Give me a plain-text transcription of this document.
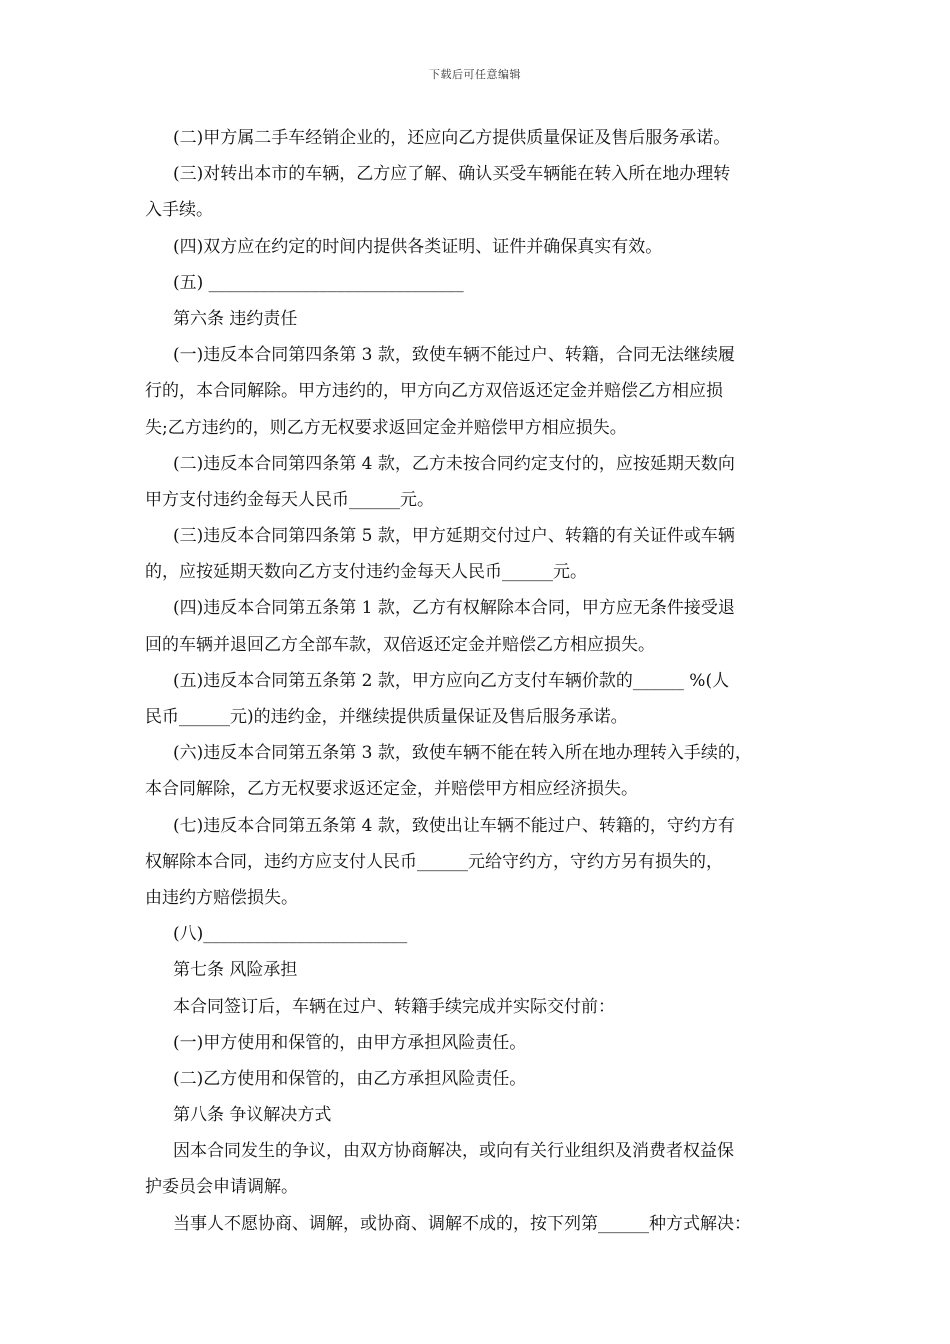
下载后可任意编辑
(二)甲方属二手车经销企业的，还应向乙方提供质量保证及售后服务承诺。
(三)对转出本市的车辆，乙方应了解、确认买受车辆能在转入所在地办理转
入手续。
(四)双方应在约定的时间内提供各类证明、证件并确保真实有效。
(五) ______________________________
第六条 违约责任
(一)违反本合同第四条第 3 款，致使车辆不能过户、转籍，合同无法继续履
行的，本合同解除。甲方违约的，甲方向乙方双倍返还定金并赔偿乙方相应损
失;乙方违约的，则乙方无权要求返回定金并赔偿甲方相应损失。
(二)违反本合同第四条第 4 款，乙方未按合同约定支付的，应按延期天数向
甲方支付违约金每天人民币______元。
(三)违反本合同第四条第 5 款，甲方延期交付过户、转籍的有关证件或车辆
的，应按延期天数向乙方支付违约金每天人民币______元。
(四)违反本合同第五条第 1 款，乙方有权解除本合同，甲方应无条件接受退
回的车辆并退回乙方全部车款，双倍返还定金并赔偿乙方相应损失。
(五)违反本合同第五条第 2 款，甲方应向乙方支付车辆价款的______ %(人
民币______元)的违约金，并继续提供质量保证及售后服务承诺。
(六)违反本合同第五条第 3 款，致使车辆不能在转入所在地办理转入手续的，
本合同解除，乙方无权要求返还定金，并赔偿甲方相应经济损失。
(七)违反本合同第五条第 4 款，致使出让车辆不能过户、转籍的，守约方有
权解除本合同，违约方应支付人民币______元给守约方，守约方另有损失的，
由违约方赔偿损失。
(八)________________________
第七条 风险承担
本合同签订后，车辆在过户、转籍手续完成并实际交付前：
(一)甲方使用和保管的，由甲方承担风险责任。
(二)乙方使用和保管的，由乙方承担风险责任。
第八条 争议解决方式
因本合同发生的争议，由双方协商解决，或向有关行业组织及消费者权益保
护委员会申请调解。
当事人不愿协商、调解，或协商、调解不成的，按下列第______种方式解决：
